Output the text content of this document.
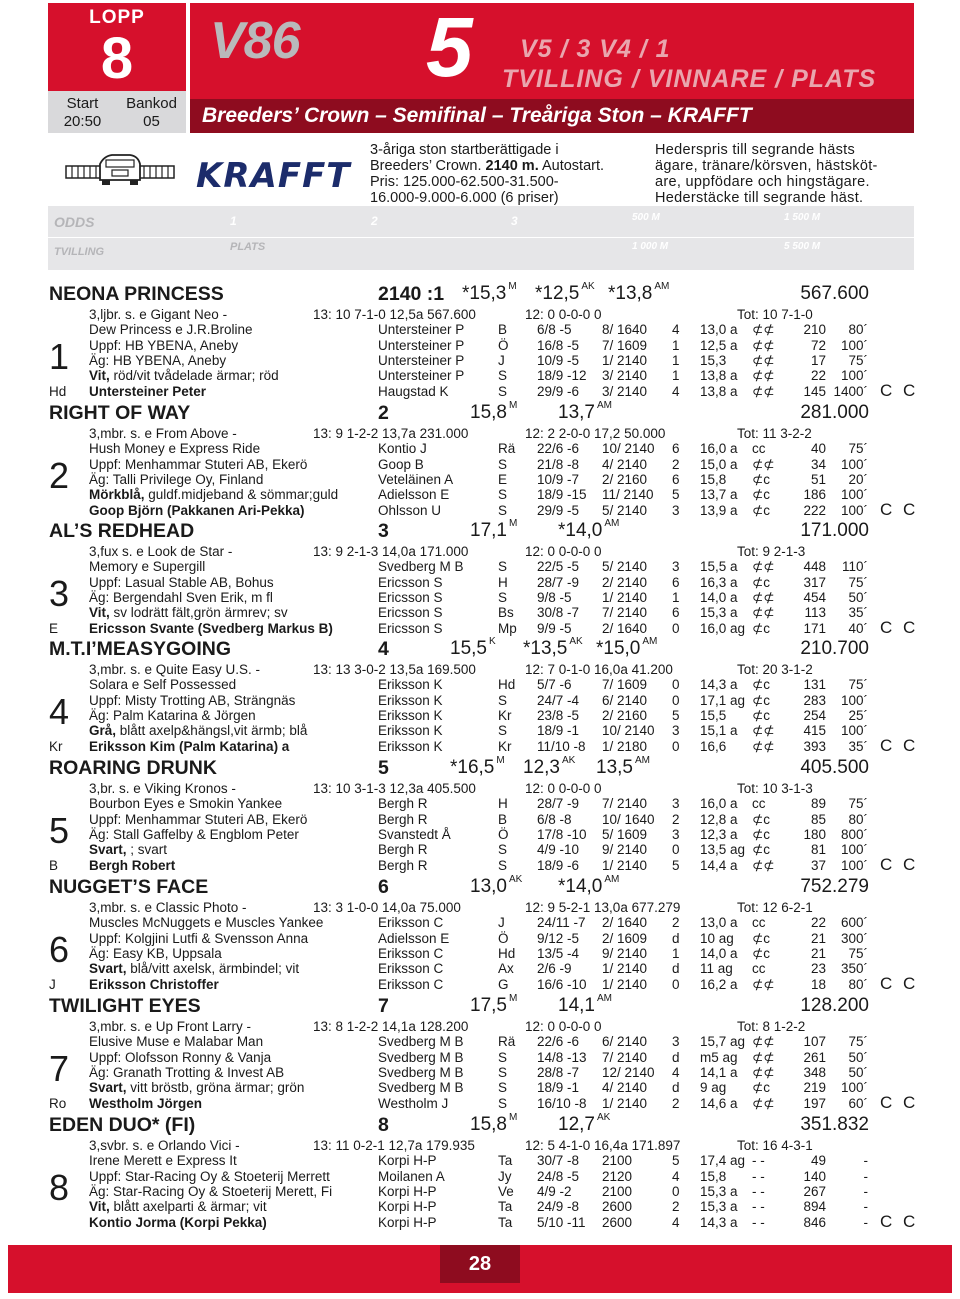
LOPP
8
Start
20:50
Bankod
05
V86 5 V5 / 3 V4 / 1
TVILLING / VINNARE / PLATS
Breeders’ Crown – Semifinal – Treåriga Ston – KRAFFT
KRAFFT
3-åriga ston startberättigade i
Breeders’ Crown. 2140 m. Autostart.
Pris: 125.000-62.500-31.500-
16.000-9.000-6.000 (6 priser)
Hederspris till segrande hästs
ägare, tränare/körsven, hästsköt-
are, uppfödare och hingstägare.
Hederstäcke till segrande häst.
ODDS
TVILLING	PLATS
1	2	3	500 M	1 500 M
1 000 M	5 500 M
NEONA PRINCESS	2140 :1 *15,3 $^M$ *12,5 $^{AK}$ *13,8 $^{AM}$	567.600
3,ljbr. s. e Gigant Neo -	13: 10 7-1-0 12,5a 567.600	12: 0 0-0-0 0	Tot: 10 7-1-0
Dew Princess e J.R.Broline	Untersteiner P B 6/8 -5 8/ 1640 4 13,0 a ⊄⊄ 210 80´
Uppf: HB YBENA, Aneby	Untersteiner P Ö 16/8 -5 7/ 1609 1 12,5 a ⊄⊄	72 100´
Äg: HB YBENA, Aneby	Untersteiner P J 10/9 -5 1/ 2140 1 15,3 ⊄⊄	17 75´
Vit, röd/vit tvådelade ärmar; röd	Untersteiner P S 18/9 -12 3/ 2140 1 13,8 a ⊄⊄	22 100´
Untersteiner Peter	Haugstad K	S 29/9 -6 3/ 2140 4 13,8 a ⊄⊄ 145 1400´
1
Hd	C C
RIGHT OF WAY	2	15,8 $^M$ 13,7 $^{AM}$	281.000
3,mbr. s. e From Above -	13: 9 1-2-2 13,7a 231.000	12: 2 2-0-0 17,2 50.000	Tot: 11 3-2-2
Hush Money e Express Ride	Kontio J	Rä 22/6 -6 10/ 2140 6 16,0 a cc	40 75´
Uppf: Menhammar Stuteri AB, Ekerö	Goop B	S 21/8 -8 4/ 2140 2 15,0 a ⊄⊄	34 100´
Äg: Talli Privilege Oy, Finland	Veteläinen A	E 10/9 -7 2/ 2160 6 15,8 ⊄c	51 20´
Mörkblå, guldf.midjeband & sömmar;guld	Adielsson E	S 18/9 -15 11/ 2140 5 13,7 a ⊄c 186 100´
Goop Björn (Pakkanen Ari-Pekka)	Ohlsson U	S 29/9 -5 5/ 2140 3 13,9 a ⊄c 222 100´
2
C C
AL’S REDHEAD	3	17,1 $^M$ *14,0 $^{AM}$	171.000
3,fux s. e Look de Star -	13: 9 2-1-3 14,0a 171.000	12: 0 0-0-0 0	Tot: 9 2-1-3
Memory e Supergill	Svedberg M B	S 22/5 -5 5/ 2140 3 15,5 a ⊄⊄ 448 110´
Uppf: Lasual Stable AB, Bohus	Ericsson S	H 28/7 -9 2/ 2140 6 16,3 a ⊄c 317 75´
Äg: Bergendahl Sven Erik, m fl	Ericsson S	S 9/8 -5 1/ 2140 1 14,0 a ⊄⊄ 454 50´
Vit, sv lodrätt fält,grön ärmrev; sv	Ericsson S	Bs 30/8 -7 7/ 2140 6 15,3 a ⊄⊄ 113 35´
Ericsson Svante (Svedberg Markus B)	Ericsson S	Mp 9/9 -5 2/ 1640 0 16,0 ag ⊄c 171 40´
3
E	C C
M.T.I’MEASYGOING	4	15,5 $^K$ *13,5 $^{AK}$ *15,0 $^{AM}$	210.700
3,mbr. s. e Quite Easy U.S. -	13: 13 3-0-2 13,5a 169.500	12: 7 0-1-0 16,0a 41.200	Tot: 20 3-1-2
Solara e Self Possessed	Eriksson K	Hd 5/7 -6 7/ 1609 0 14,3 a ⊄c 131 75´
Uppf: Misty Trotting AB, Strängnäs	Eriksson K	S 24/7 -4 6/ 2140 0 17,1 ag ⊄c 283 100´
Äg: Palm Katarina & Jörgen	Eriksson K	Kr 23/8 -5 2/ 2160 5 15,5 ⊄c 254 25´
Grå, blått axelp&hängsl,vit ärmb; blå	Eriksson K	S 18/9 -1 10/ 2140 3 15,1 a ⊄⊄ 415 100´
Eriksson Kim (Palm Katarina) a	Eriksson K	Kr 11/10 -8 1/ 2180 0 16,6 ⊄⊄ 393 35´
4
Kr	C C
ROARING DRUNK	5	*16,5 $^M$ 12,3 $^{AK}$ 13,5 $^{AM}$	405.500
3,br. s. e Viking Kronos -	13: 10 3-1-3 12,3a 405.500	12: 0 0-0-0 0	Tot: 10 3-1-3
Bourbon Eyes e Smokin Yankee	Bergh R	H 28/7 -9 7/ 2140 3 16,0 a cc	89 75´
Uppf: Menhammar Stuteri AB, Ekerö	Bergh R	B 6/8 -8 10/ 1640 2 12,8 a ⊄c	85 80´
Äg: Stall Gaffelby & Engblom Peter	Svanstedt Å	Ö 17/8 -10 5/ 1609 3 12,3 a ⊄c 180 800´
Svart, ; svart	Bergh R	S 4/9 -10 9/ 2140 0 13,5 ag ⊄c	81 100´
Bergh Robert	Bergh R	S 18/9 -6 1/ 2140 5 14,4 a ⊄⊄	37 100´
5
B	C C
NUGGET’S FACE	6	13,0 $^{AK}$ *14,0 $^{AM}$	752.279
3,mbr. s. e Classic Photo -	13: 3 1-0-0 14,0a 75.000	12: 9 5-2-1 13,0a 677.279	Tot: 12 6-2-1
Muscles McNuggets e Muscles Yankee	Eriksson C	J 24/11 -7 2/ 1640 2 13,0 a cc	22 600´
Uppf: Kolgjini Lutfi & Svensson Anna	Adielsson E	Ö 9/12 -5 2/ 1609 d 10 ag ⊄c	21 300´
Äg: Easy KB, Uppsala	Eriksson C	Hd 13/5 -4 9/ 2140 1 14,0 a ⊄c	21 75´
Svart, blå/vitt axelsk, ärmbindel; vit	Eriksson C	Ax 2/6 -9 1/ 2140 d 11 ag cc	23 350´
Eriksson Christoffer	Eriksson C	G 16/6 -10 1/ 2140 0 16,2 a ⊄⊄	18 80´
6
J	C C
TWILIGHT EYES	7	17,5 $^M$ 14,1 $^{AM}$	128.200
3,mbr. s. e Up Front Larry -	13: 8 1-2-2 14,1a 128.200	12: 0 0-0-0 0	Tot: 8 1-2-2
Elusive Muse e Malabar Man	Svedberg M B	Rä 22/6 -6 6/ 2140 3 15,7 ag ⊄⊄ 107 75´
Uppf: Olofsson Ronny & Vanja	Svedberg M B	S 14/8 -13 7/ 2140 d m5 ag ⊄⊄ 261 50´
Äg: Granath Trotting & Invest AB	Svedberg M B	S 28/8 -7 12/ 2140 4 14,1 a ⊄⊄ 348 50´
Svart, vitt bröstb, gröna ärmar; grön	Svedberg M B	S 18/9 -1 4/ 2140 d 9 ag ⊄c 219 100´
Westholm Jörgen	Westholm J	S 16/10 -8 1/ 2140 2 14,6 a ⊄⊄ 197 60´
7
Ro	C C
EDEN DUO* (FI)	8	15,8 $^M$ 12,7 $^{AK}$	351.832
3,svbr. s. e Orlando Vici -	13: 11 0-2-1 12,7a 179.935	12: 5 4-1-0 16,4a 171.897	Tot: 16 4-3-1
Irene Merett e Express It	Korpi H-P	Ta 30/7 -8 2100	5 17,4 ag - -	49	-
Uppf: Star-Racing Oy & Stoeterij Merrett	Moilanen A	Jy 24/8 -5 2120	4 15,8 - -	140	-
Äg: Star-Racing Oy & Stoeterij Merett, Fi	Korpi H-P	Ve 4/9 -2 2100	0 15,3 a - -	267	-
Vit, blått axelparti & ärmar; vit	Korpi H-P	Ta 24/9 -8 2600	2 15,3 a - -	894	-
Kontio Jorma (Korpi Pekka)	Korpi H-P	Ta 5/10 -11 2600	4 14,3 a - -	846	-
8
C C
28
